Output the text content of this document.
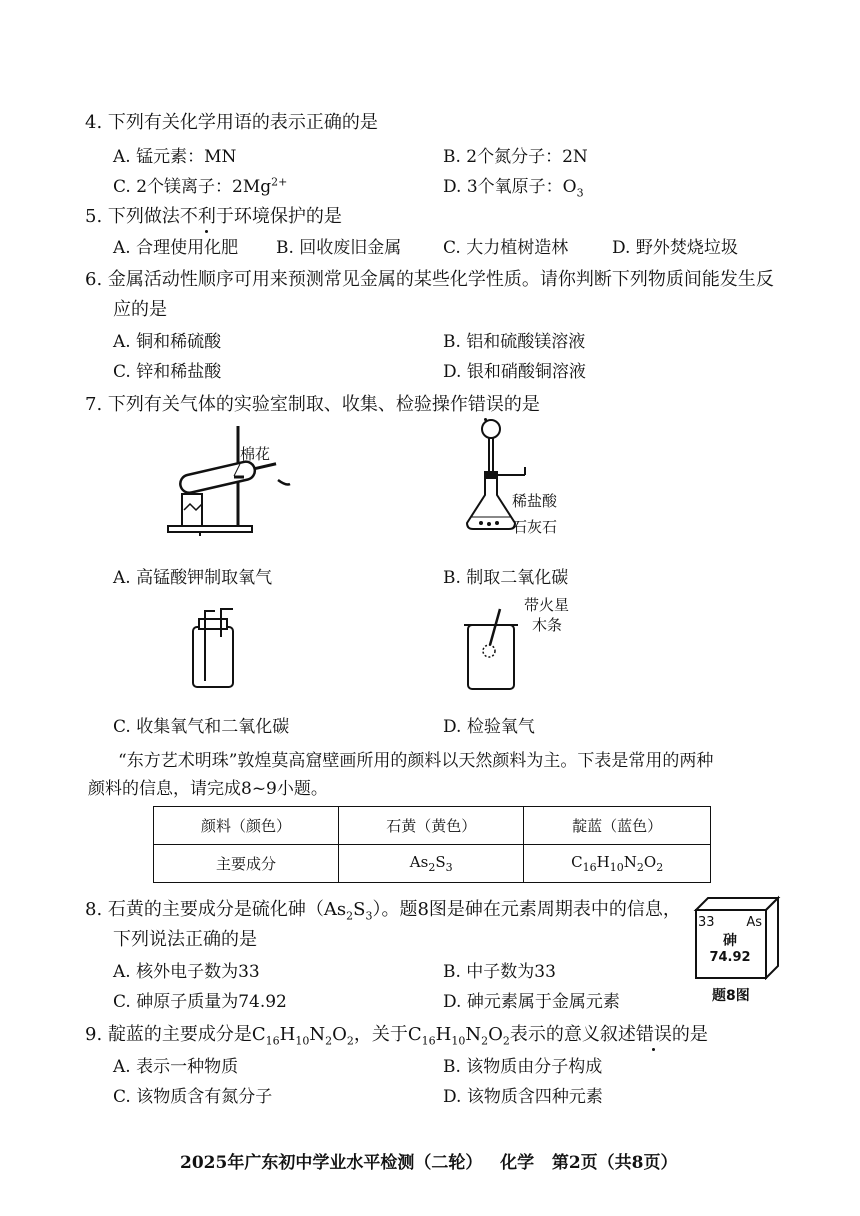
4. 下列有关化学用语的表示正确的是
A. 锰元素：MN	B. 2个氮分子：2N
C. 2个镁离子：$2Mg^{2+}$	D. 3个氧原子：$O_3$
5. 下列做法不利于环境保护的是
A. 合理使用化肥 B. 回收废旧金属 C. 大力植树造林	D. 野外焚烧垃圾
6. 金属活动性顺序可用来预测常见金属的某些化学性质。请你判断下列物质间能发生反
应的是
A. 铜和稀硫酸	B. 铝和硫酸镁溶液
C. 锌和稀盐酸	D. 银和硝酸铜溶液
7. 下列有关气体的实验室制取、收集、检验操作错误的是
棉花
稀盐酸
石灰石
A. 高锰酸钾制取氧气	B. 制取二氧化碳
带火星
木条
C. 收集氧气和二氧化碳	D. 检验氧气
“东方艺术明珠”敦煌莫高窟壁画所用的颜料以天然颜料为主。下表是常用的两种
颜料的信息，请完成8~9小题。
颜料（颜色）	石黄（黄色）	靛蓝（蓝色）
主要成分	$As_2S_3$	$C_{16}H_{10}N_2O_2$
8. 石黄的主要成分是硫化砷$(As_2S_3)$。题8图是砷在元素周期表中的信息，
下列说法正确的是
A. 核外电子数为33	B. 中子数为33
C. 砷原子质量为74.92	D. 砷元素属于金属元素
33 As
砷
74.92
题8图
9. 靛蓝的主要成分是$C_{16}H_{10}N_2O_2$，关于$C_{16}H_{10}N_2O_2$表示的意义叙述错误的是
A. 表示一种物质	B. 该物质由分子构成
C. 该物质含有氮分子	D. 该物质含四种元素
2025年广东初中学业水平检测（二轮）   化学   第2页（共8页）
